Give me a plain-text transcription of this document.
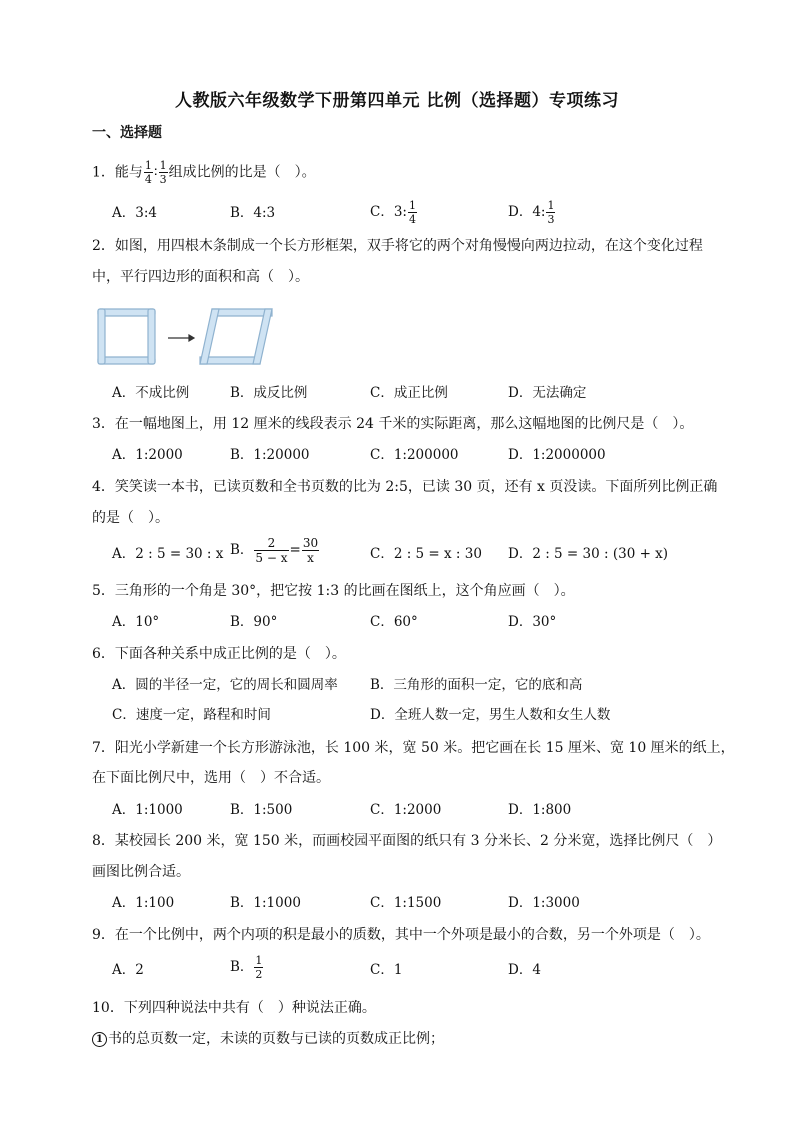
人教版六年级数学下册第四单元 比例（选择题）专项练习
一、选择题
1．能与 $\frac{1}{4}$ ∶ $\frac{1}{3}$ 组成比例的比是（　）。
A．3:4	B．4:3	C．3: $\frac{1}{4}$	D．4: $\frac{1}{3}$
2．如图，用四根木条制成一个长方形框架，双手将它的两个对角慢慢向两边拉动，在这个变化过程
中，平行四边形的面积和高（　）。
A．不成比例	B．成反比例	C．成正比例	D．无法确定
3．在一幅地图上，用 12 厘米的线段表示 24 千米的实际距离，那么这幅地图的比例尺是（　）。
A．1:2000	B．1:20000	C．1:200000	D．1:2000000
4．笑笑读一本书，已读页数和全书页数的比为 2:5，已读 30 页，还有 x 页没读。下面所列比例正确
的是（　）。
A．2 : 5 = 30 : x B． $\frac{2}{5 - x} = \frac{30}{x}$	C．2 : 5 = x : 30 D．2 : 5 = 30 : (30 + x)
5．三角形的一个角是 30°，把它按 1:3 的比画在图纸上，这个角应画（　）。
A．10°	B．90°	C．60°	D．30°
6．下面各种关系中成正比例的是（　）。
A．圆的半径一定，它的周长和圆周率 B．三角形的面积一定，它的底和高
C．速度一定，路程和时间	D．全班人数一定，男生人数和女生人数
7．阳光小学新建一个长方形游泳池，长 100 米，宽 50 米。把它画在长 15 厘米、宽 10 厘米的纸上，
在下面比例尺中，选用（　）不合适。
A．1:1000	B．1:500	C．1:2000	D．1:800
8．某校园长 200 米，宽 150 米，而画校园平面图的纸只有 3 分米长、2 分米宽，选择比例尺（　）
画图比例合适。
A．1:100	B．1:1000	C．1:1500	D．1:3000
9．在一个比例中，两个内项的积是最小的质数，其中一个外项是最小的合数，另一个外项是（　）。
A．2	B． $\frac{1}{2}$	C．1	D．4
10．下列四种说法中共有（　）种说法正确。
1 书的总页数一定，未读的页数与已读的页数成正比例；
